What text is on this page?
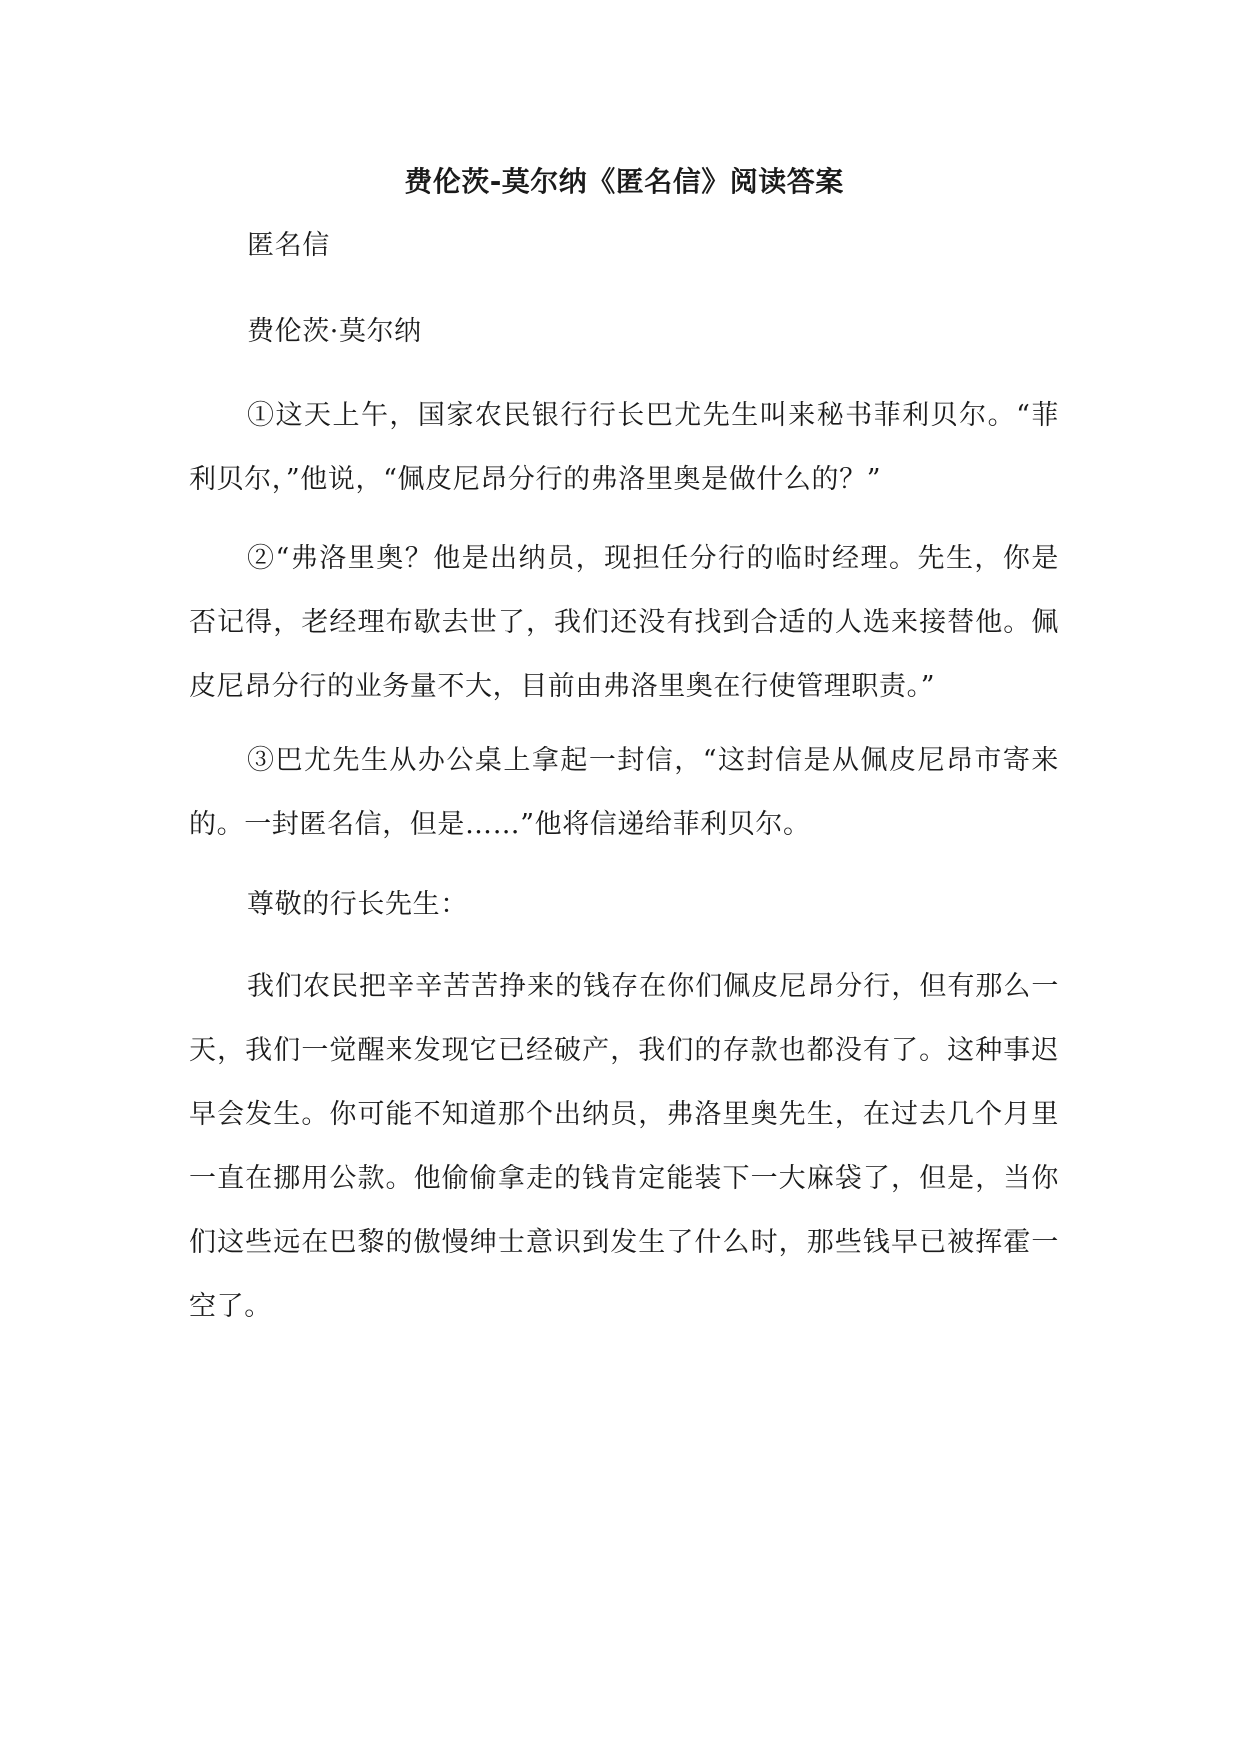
费伦茨-莫尔纳《匿名信》阅读答案

匿名信

费伦茨·莫尔纳

①这天上午，国家农民银行行长巴尤先生叫来秘书菲利贝尔。“菲利贝尔，”他说，“佩皮尼昂分行的弗洛里奥是做什么的？”

②“弗洛里奥？他是出纳员，现担任分行的临时经理。先生，你是否记得，老经理布歇去世了，我们还没有找到合适的人选来接替他。佩皮尼昂分行的业务量不大，目前由弗洛里奥在行使管理职责。”

③巴尤先生从办公桌上拿起一封信，“这封信是从佩皮尼昂市寄来的。一封匿名信，但是……”他将信递给菲利贝尔。

尊敬的行长先生：

我们农民把辛辛苦苦挣来的钱存在你们佩皮尼昂分行，但有那么一天，我们一觉醒来发现它已经破产，我们的存款也都没有了。这种事迟早会发生。你可能不知道那个出纳员，弗洛里奥先生，在过去几个月里一直在挪用公款。他偷偷拿走的钱肯定能装下一大麻袋了，但是，当你们这些远在巴黎的傲慢绅士意识到发生了什么时，那些钱早已被挥霍一空了。
